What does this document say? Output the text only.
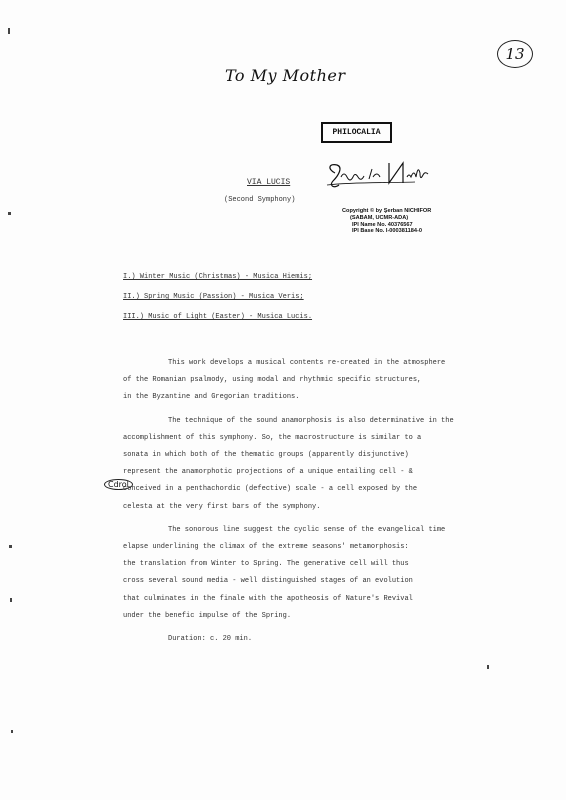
To My Mother
13
PHILOCALIA
VIA LUCIS
(Second Symphony)
Copyright © by Şerban NICHIFOR
(SABAM, UCMR-ADA)
IPI Name No. 40376567
IPI Base No. I-000381184-0
I.) Winter Music (Christmas) - Musica Hiemis;
II.) Spring Music (Passion) - Musica Veris;
III.) Music of Light (Easter) - Musica Lucis.
This work develops a musical contents re-created in the atmosphere
of the Romanian psalmody, using modal and rhythmic specific structures,
in the Byzantine and Gregorian traditions.
The technique of the sound anamorphosis is also determinative in the
accomplishment of this symphony. So, the macrostructure is similar to a
sonata in which both of the thematic groups (apparently disjunctive)
represent the anamorphotic projections of a unique entailing cell - &
conceived in a penthachordic (defective) scale - a cell exposed by the
celesta at the very first bars of the symphony.
The sonorous line suggest the cyclic sense of the evangelical time
elapse underlining the climax of the extreme seasons' metamorphosis:
the translation from Winter to Spring. The generative cell will thus
cross several sound media - well distinguished stages of an evolution
that culminates in the finale with the apotheosis of Nature's Revival
under the benefic impulse of the Spring.
Duration: c. 20 min.
Cdrol
